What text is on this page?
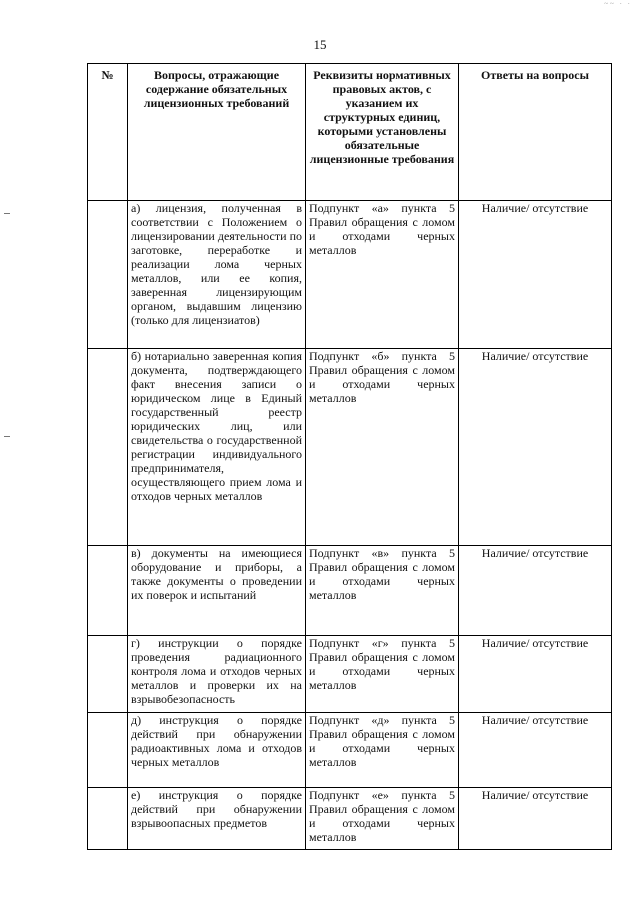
15
~~ · ·
№	Вопросы, отражающие содержание обязательных лицензионных требований	Реквизиты нормативных правовых актов, с указанием их структурных единиц, которыми установлены обязательные лицензионные требования	Ответы на вопросы
	а) лицензия, полученная в соответствии с Положением о лицензировании деятельности по заготовке, переработке и реализации лома черных металлов, или ее копия, заверенная лицензирующим органом, выдавшим лицензию (только для лицензиатов)	Подпункт «а» пункта 5 Правил обращения с ломом и отходами черных металлов	Наличие/ отсутствие
	б) нотариально заверенная копия документа, подтверждающего факт внесения записи о юридическом лице в Единый государственный реестр юридических лиц, или свидетельства о государственной регистрации индивидуального предпринимателя, осуществляющего прием лома и отходов черных металлов	Подпункт «б» пункта 5 Правил обращения с ломом и отходами черных металлов	Наличие/ отсутствие
	в) документы на имеющиеся оборудование и приборы, а также документы о проведении их поверок и испытаний	Подпункт «в» пункта 5 Правил обращения с ломом и отходами черных металлов	Наличие/ отсутствие
	г) инструкции о порядке проведения радиационного контроля лома и отходов черных металлов и проверки их на взрывобезопасность	Подпункт «г» пункта 5 Правил обращения с ломом и отходами черных металлов	Наличие/ отсутствие
	д) инструкция о порядке действий при обнаружении радиоактивных лома и отходов черных металлов	Подпункт «д» пункта 5 Правил обращения с ломом и отходами черных металлов	Наличие/ отсутствие
	е) инструкция о порядке действий при обнаружении взрывоопасных предметов	Подпункт «е» пункта 5 Правил обращения с ломом и отходами черных металлов	Наличие/ отсутствие
